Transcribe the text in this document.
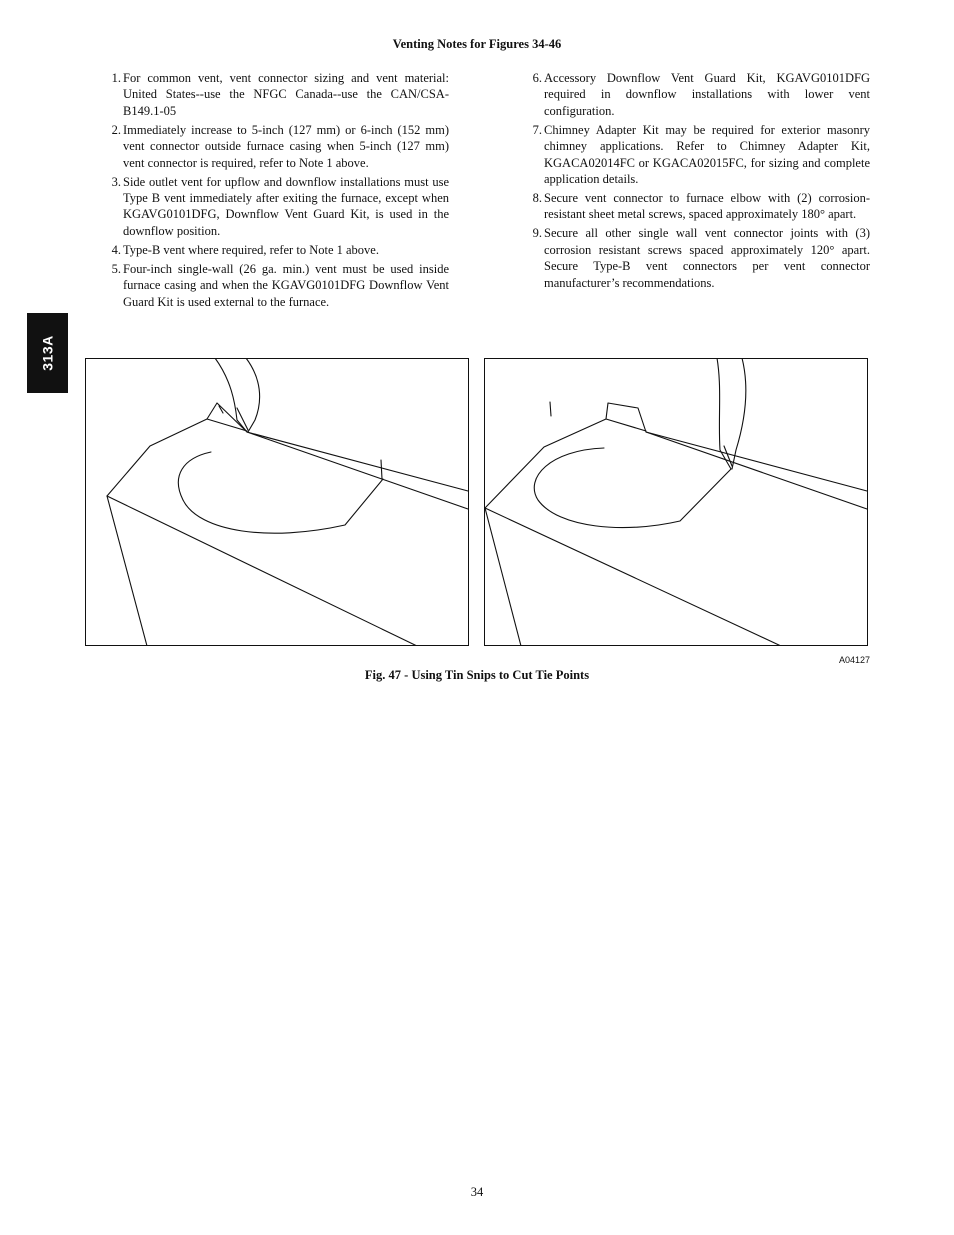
Venting Notes for Figures 34-46
1. For common vent, vent connector sizing and vent material: United States--use the NFGC Canada--use the CAN/CSA-B149.1-05
2. Immediately increase to 5-inch (127 mm) or 6-inch (152 mm) vent connector outside furnace casing when 5-inch (127 mm) vent connector is required, refer to Note 1 above.
3. Side outlet vent for upflow and downflow installations must use Type B vent immediately after exiting the furnace, except when KGAVG0101DFG, Downflow Vent Guard Kit, is used in the downflow position.
4. Type-B vent where required, refer to Note 1 above.
5. Four-inch single-wall (26 ga. min.) vent must be used inside furnace casing and when the KGAVG0101DFG Downflow Vent Guard Kit is used external to the furnace.
6. Accessory Downflow Vent Guard Kit, KGAVG0101DFG required in downflow installations with lower vent configuration.
7. Chimney Adapter Kit may be required for exterior masonry chimney applications. Refer to Chimney Adapter Kit, KGACA02014FC or KGACA02015FC, for sizing and complete application details.
8. Secure vent connector to furnace elbow with (2) corrosion-resistant sheet metal screws, spaced approximately 180° apart.
9. Secure all other single wall vent connector joints with (3) corrosion resistant screws spaced approximately 120° apart. Secure Type-B vent connectors per vent connector manufacturer’s recommendations.
313A
A04127
Fig. 47 - Using Tin Snips to Cut Tie Points
34
